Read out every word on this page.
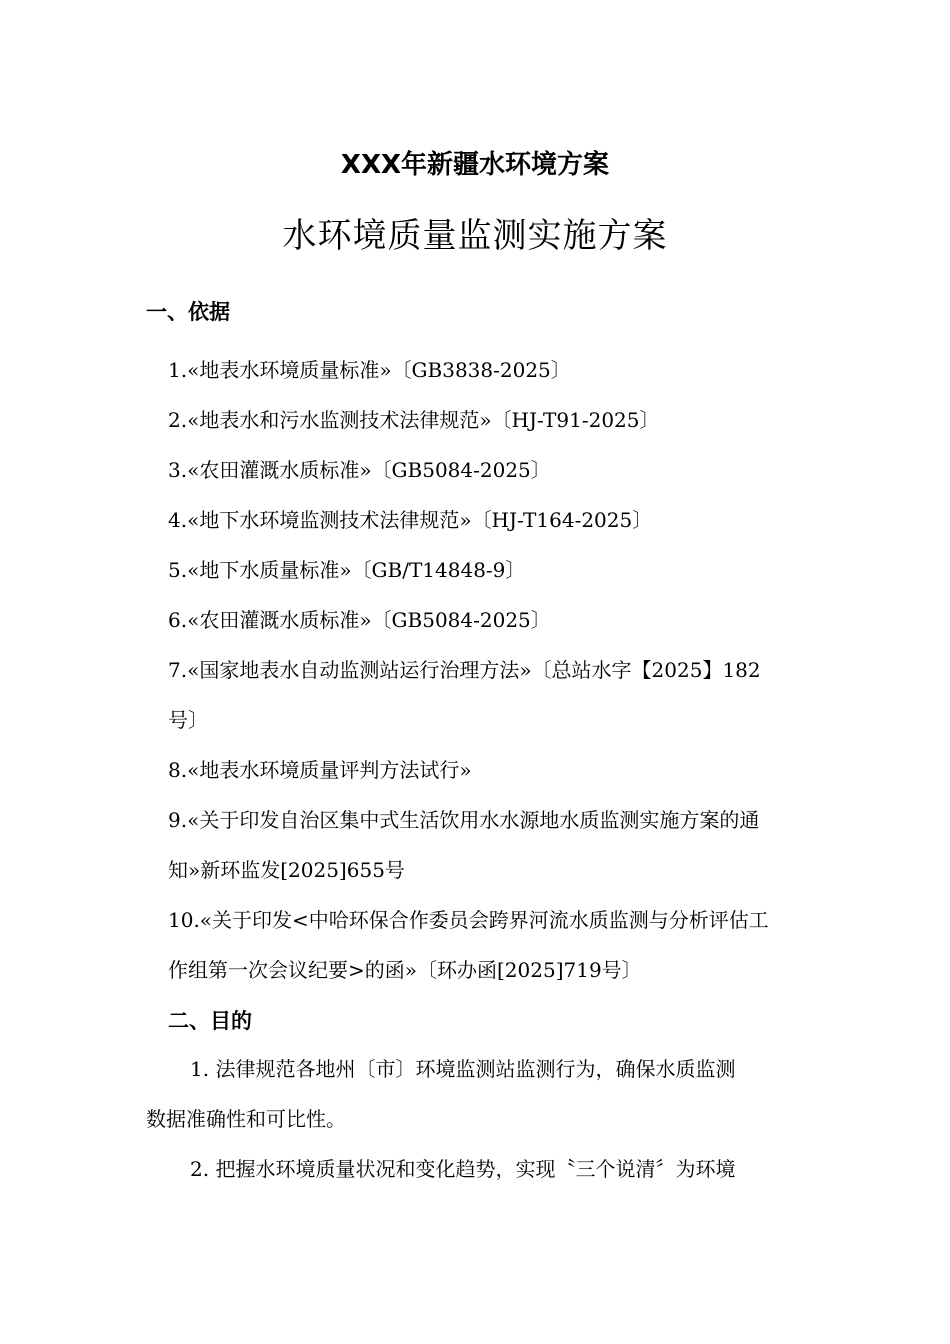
XXX年新疆水环境方案
水环境质量监测实施方案
一、依据
1.«地表水环境质量标准»〔GB3838-2025〕
2.«地表水和污水监测技术法律规范»〔HJ-T91-2025〕
3.«农田灌溉水质标准»〔GB5084-2025〕
4.«地下水环境监测技术法律规范»〔HJ-T164-2025〕
5.«地下水质量标准»〔GB/T14848-9〕
6.«农田灌溉水质标准»〔GB5084-2025〕
7.«国家地表水自动监测站运行治理方法»〔总站水字【2025】182
号〕
8.«地表水环境质量评判方法试行»
9.«关于印发自治区集中式生活饮用水水源地水质监测实施方案的通
知»新环监发[2025]655号
10.«关于印发<中哈环保合作委员会跨界河流水质监测与分析评估工
作组第一次会议纪要>的函»〔环办函[2025]719号〕
二、目的
1. 法律规范各地州〔市〕环境监测站监测行为，确保水质监测
数据准确性和可比性。
2. 把握水环境质量状况和变化趋势，实现〝三个说清〞为环境
